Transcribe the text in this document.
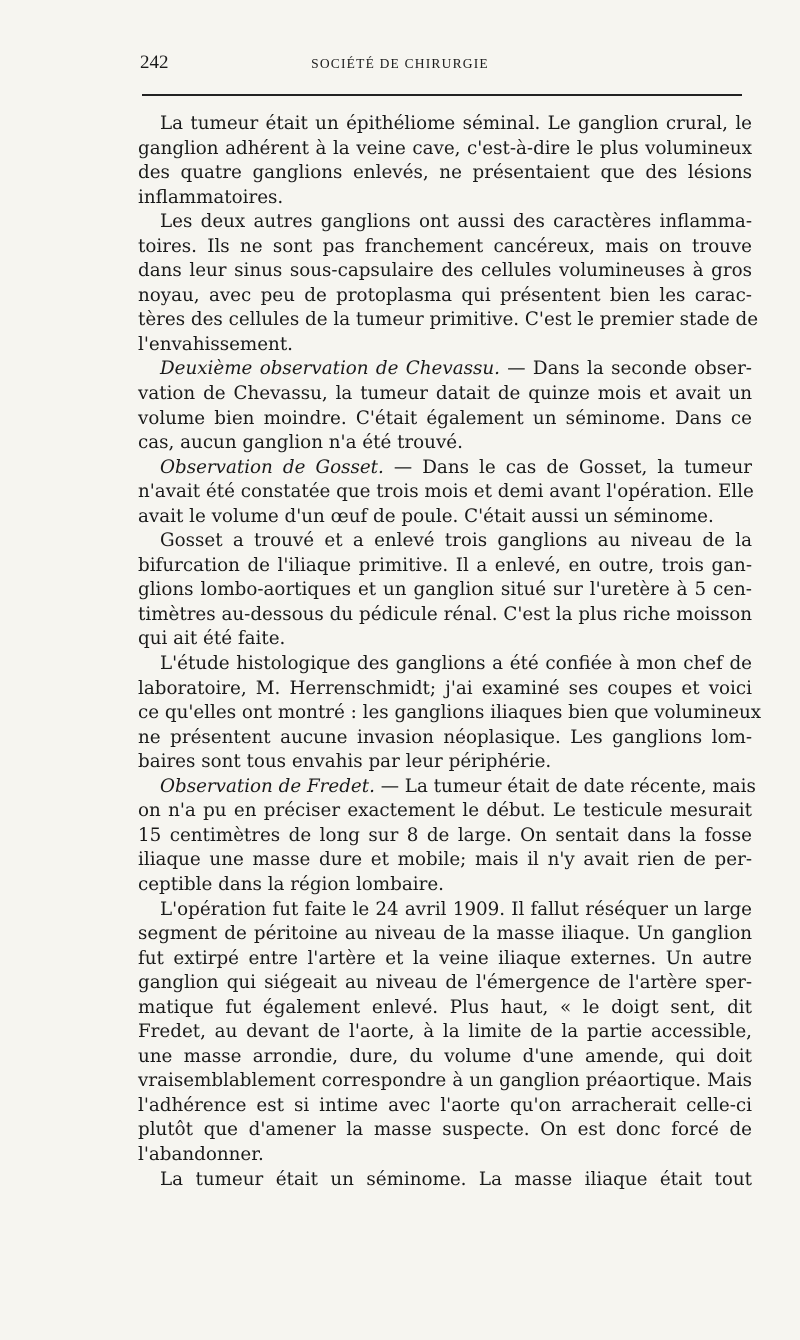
242	SOCIÉTÉ DE CHIRURGIE
La tumeur était un épithéliome séminal. Le ganglion crural, le
ganglion adhérent à la veine cave, c'est-à-dire le plus volumineux
des quatre ganglions enlevés, ne présentaient que des lésions
inflammatoires.
Les deux autres ganglions ont aussi des caractères inflamma-
toires. Ils ne sont pas franchement cancéreux, mais on trouve
dans leur sinus sous-capsulaire des cellules volumineuses à gros
noyau, avec peu de protoplasma qui présentent bien les carac-
tères des cellules de la tumeur primitive. C'est le premier stade de
l'envahissement.
Deuxième observation de Chevassu. — Dans la seconde obser-
vation de Chevassu, la tumeur datait de quinze mois et avait un
volume bien moindre. C'était également un séminome. Dans ce
cas, aucun ganglion n'a été trouvé.
Observation de Gosset. — Dans le cas de Gosset, la tumeur
n'avait été constatée que trois mois et demi avant l'opération. Elle
avait le volume d'un œuf de poule. C'était aussi un séminome.
Gosset a trouvé et a enlevé trois ganglions au niveau de la
bifurcation de l'iliaque primitive. Il a enlevé, en outre, trois gan-
glions lombo-aortiques et un ganglion situé sur l'uretère à 5 cen-
timètres au-dessous du pédicule rénal. C'est la plus riche moisson
qui ait été faite.
L'étude histologique des ganglions a été confiée à mon chef de
laboratoire, M. Herrenschmidt; j'ai examiné ses coupes et voici
ce qu'elles ont montré : les ganglions iliaques bien que volumineux
ne présentent aucune invasion néoplasique. Les ganglions lom-
baires sont tous envahis par leur périphérie.
Observation de Fredet. — La tumeur était de date récente, mais
on n'a pu en préciser exactement le début. Le testicule mesurait
15 centimètres de long sur 8 de large. On sentait dans la fosse
iliaque une masse dure et mobile; mais il n'y avait rien de per-
ceptible dans la région lombaire.
L'opération fut faite le 24 avril 1909. Il fallut réséquer un large
segment de péritoine au niveau de la masse iliaque. Un ganglion
fut extirpé entre l'artère et la veine iliaque externes. Un autre
ganglion qui siégeait au niveau de l'émergence de l'artère sper-
matique fut également enlevé. Plus haut, « le doigt sent, dit
Fredet, au devant de l'aorte, à la limite de la partie accessible,
une masse arrondie, dure, du volume d'une amende, qui doit
vraisemblablement correspondre à un ganglion préaortique. Mais
l'adhérence est si intime avec l'aorte qu'on arracherait celle-ci
plutôt que d'amener la masse suspecte. On est donc forcé de
l'abandonner.
La tumeur était un séminome. La masse iliaque était tout
